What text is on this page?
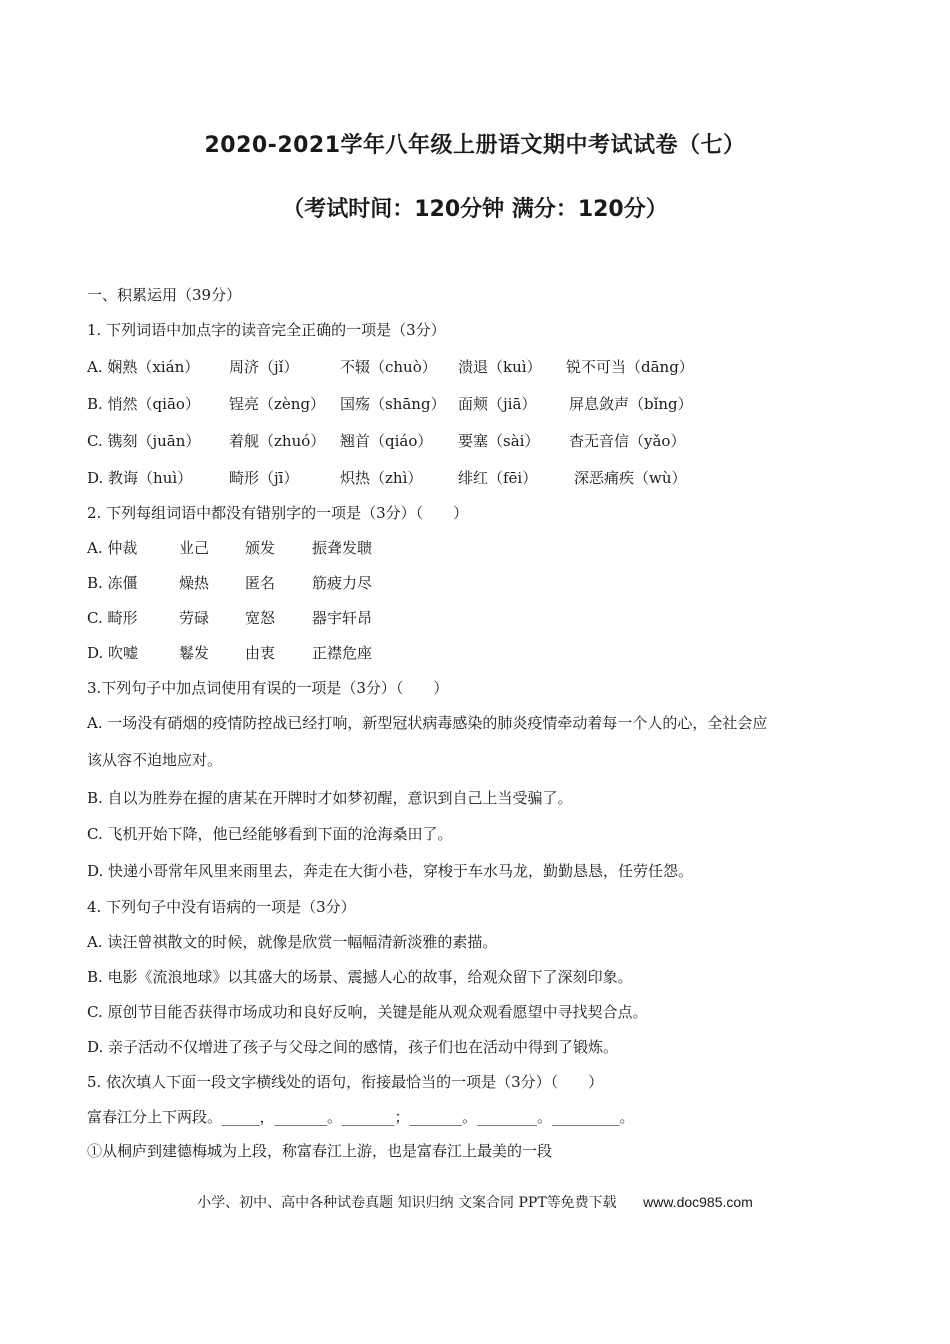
2020-2021学年八年级上册语文期中考试试卷（七）
（考试时间：120分钟 满分：120分）
一、积累运用（39分）
1. 下列词语中加点字的读音完全正确的一项是（3分）
A. 娴熟（xián） 周济（jǐ）	不辍（chuò） 溃退（kuì） 锐不可当（dāng）
B. 悄然（qiāo） 锃亮（zèng） 国殇（shāng） 面颊（jiā） 屏息敛声（bǐng）
C. 镌刻（juān） 着舰（zhuó） 翘首（qiáo） 要塞（sài） 杳无音信（yǎo）
D. 教诲（huì） 畸形（jī）	炽热（zhì） 绯红（fēi） 深恶痛疾（wù）
2. 下列每组词语中都没有错别字的一项是（3分）（　　）
A. 仲裁	业己 颁发 振聋发聩
B. 冻僵	燥热 匿名 筋疲力尽
C. 畸形	劳碌 宽怒 器宇轩昂
D. 吹嘘	鬈发 由衷 正襟危座
3.下列句子中加点词使用有误的一项是（3分）（　　）
A. 一场没有硝烟的疫情防控战已经打响，新型冠状病毒感染的肺炎疫情牵动着每一个人的心，全社会应
该从容不迫地应对。
B. 自以为胜券在握的唐某在开牌时才如梦初醒，意识到自己上当受骗了。
C. 飞机开始下降，他已经能够看到下面的沧海桑田了。
D. 快递小哥常年风里来雨里去，奔走在大街小巷，穿梭于车水马龙，勤勤恳恳，任劳任怨。
4. 下列句子中没有语病的一项是（3分）
A. 读汪曾祺散文的时候，就像是欣赏一幅幅清新淡雅的素描。
B. 电影《流浪地球》以其盛大的场景、震撼人心的故事，给观众留下了深刻印象。
C. 原创节目能否获得市场成功和良好反响，关键是能从观众观看愿望中寻找契合点。
D. 亲子活动不仅增进了孩子与父母之间的感情，孩子们也在活动中得到了锻炼。
5. 依次填人下面一段文字横线处的语句，衔接最恰当的一项是（3分）（　　）
富春江分上下两段。_____，_______。_______；_______。________。_________。
①从桐庐到建德梅城为上段，称富春江上游，也是富春江上最美的一段
小学、初中、高中各种试卷真题 知识归纳 文案合同 PPT等免费下载 www.doc985.com
